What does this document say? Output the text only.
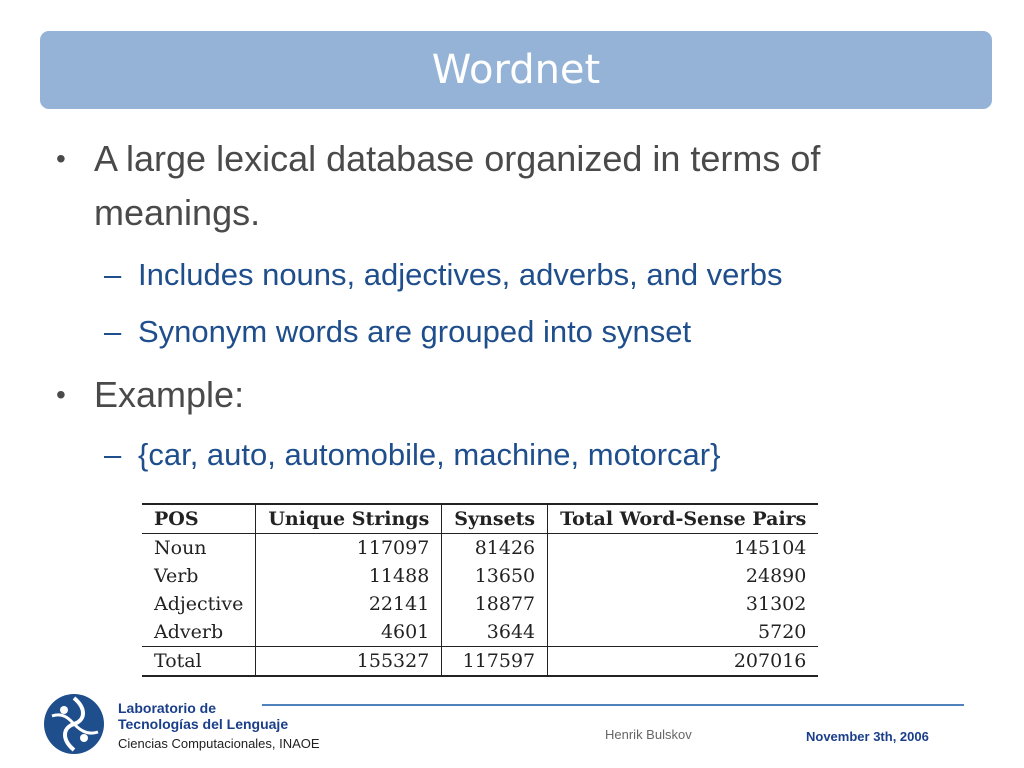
Wordnet
• A large lexical database organized in terms of
meanings.
– Includes nouns, adjectives, adverbs, and verbs
– Synonym words are grouped into synset
• Example:
– {car, auto, automobile, machine, motorcar}
POS	Unique Strings	Synsets	Total Word-Sense Pairs
Noun	117097	81426	145104
Verb	11488	13650	24890
Adjective	22141	18877	31302
Adverb	4601	3644	5720
Total	155327	117597	207016
Laboratorio de
Tecnologías del Lenguaje
Ciencias Computacionales, INAOE
Henrik Bulskov	November 3th, 2006
